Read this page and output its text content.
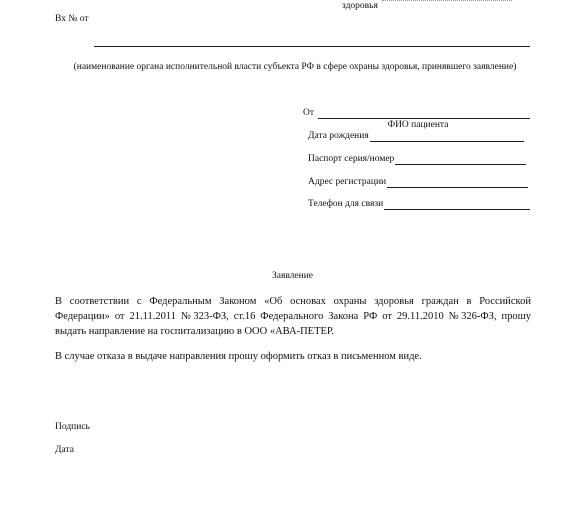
здоровья
Вх № от
(наименование органа исполнительной власти субъекта РФ в сфере охраны здоровья, принявшего заявление)
От
ФИО пациента
Дата рождения
Паспорт серия/номер
Адрес регистрации
Телефон для связи
Заявление
В соответствии с Федеральным Законом «Об основах охраны здоровья граждан в Российской Федерации» от 21.11.2011 №323-ФЗ, ст.16 Федерального Закона РФ от 29.11.2010 №326-ФЗ, прошу выдать направление на госпитализацию в ООО «АВА-ПЕТЕР.
В случае отказа в выдаче направления прошу оформить отказ в письменном виде.
Подпись
Дата
